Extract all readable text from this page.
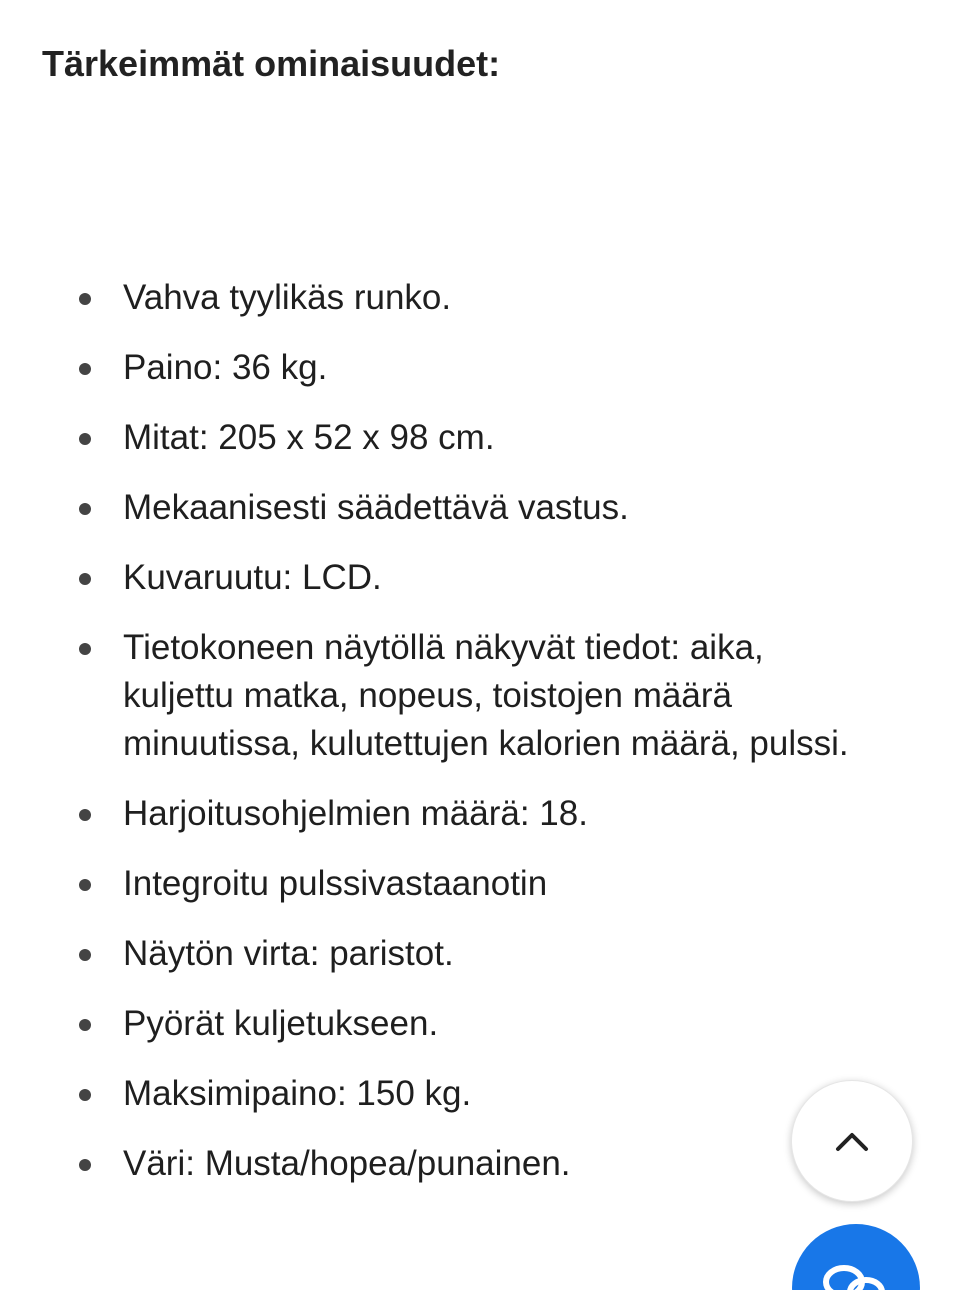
Tärkeimmät ominaisuudet:
Vahva tyylikäs runko.
Paino: 36 kg.
Mitat: 205 x 52 x 98 cm.
Mekaanisesti säädettävä vastus.
Kuvaruutu: LCD.
Tietokoneen näytöllä näkyvät tiedot: aika, kuljettu matka, nopeus, toistojen määrä minuutissa, kulutettujen kalorien määrä, pulssi.
Harjoitusohjelmien määrä: 18.
Integroitu pulssivastaanotin
Näytön virta: paristot.
Pyörät kuljetukseen.
Maksimipaino: 150 kg.
Väri: Musta/hopea/punainen.
